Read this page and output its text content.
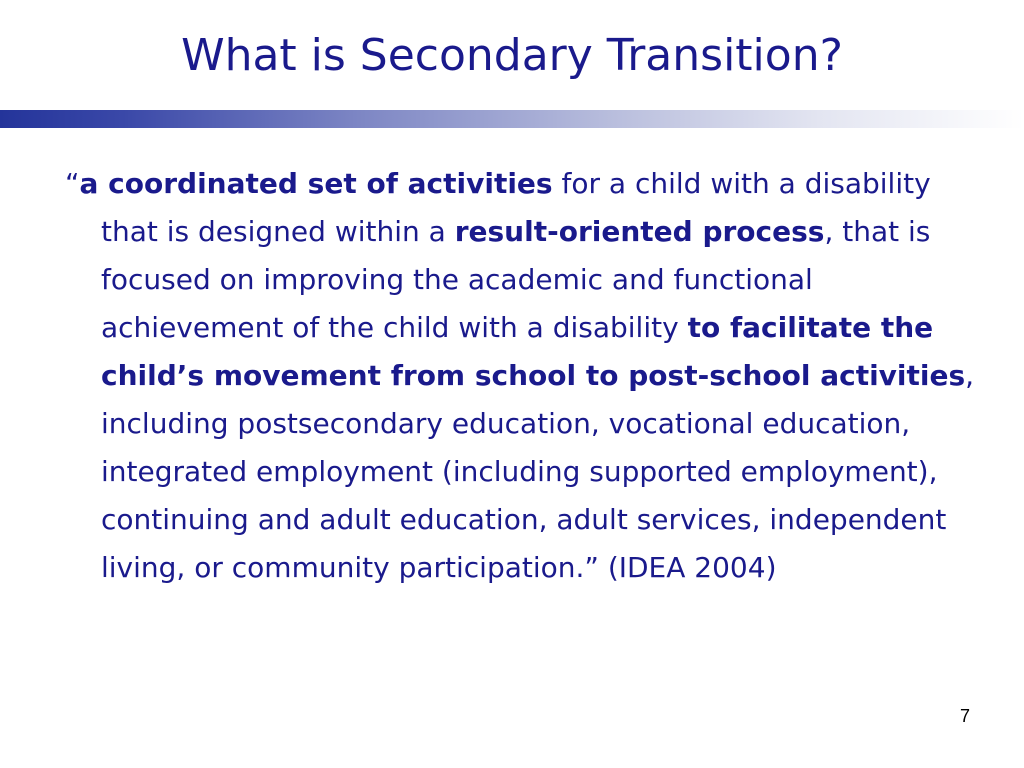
What is Secondary Transition?
“a coordinated set of activities for a child with a disability that is designed within a result-oriented process, that is focused on improving the academic and functional achievement of the child with a disability to facilitate the child’s movement from school to post-school activities, including postsecondary education, vocational education, integrated employment (including supported employment), continuing and adult education, adult services, independent living, or community participation.” (IDEA 2004)
7
